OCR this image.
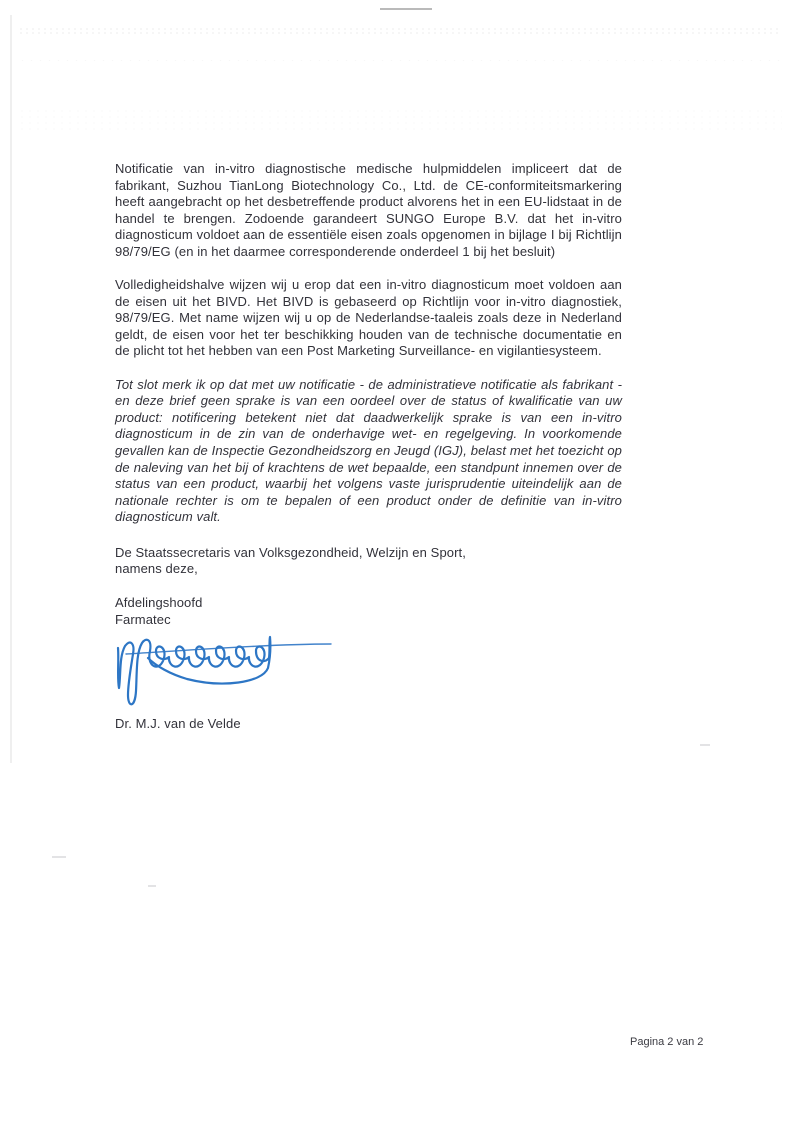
Notificatie van in-vitro diagnostische medische hulpmiddelen impliceert dat de fabrikant, Suzhou TianLong Biotechnology Co., Ltd. de CE-conformiteitsmarkering heeft aangebracht op het desbetreffende product alvorens het in een EU-lidstaat in de handel te brengen. Zodoende garandeert SUNGO Europe B.V. dat het in-vitro diagnosticum voldoet aan de essentiële eisen zoals opgenomen in bijlage I bij Richtlijn 98/79/EG (en in het daarmee corresponderende onderdeel 1 bij het besluit)

Volledigheidshalve wijzen wij u erop dat een in-vitro diagnosticum moet voldoen aan de eisen uit het BIVD. Het BIVD is gebaseerd op Richtlijn voor in-vitro diagnostiek, 98/79/EG. Met name wijzen wij u op de Nederlandse-taaleis zoals deze in Nederland geldt, de eisen voor het ter beschikking houden van de technische documentatie en de plicht tot het hebben van een Post Marketing Surveillance- en vigilantiesysteem.

Tot slot merk ik op dat met uw notificatie - de administratieve notificatie als fabrikant - en deze brief geen sprake is van een oordeel over de status of kwalificatie van uw product: notificering betekent niet dat daadwerkelijk sprake is van een in-vitro diagnosticum in de zin van de onderhavige wet- en regelgeving. In voorkomende gevallen kan de Inspectie Gezondheidszorg en Jeugd (IGJ), belast met het toezicht op de naleving van het bij of krachtens de wet bepaalde, een standpunt innemen over de status van een product, waarbij het volgens vaste jurisprudentie uiteindelijk aan de nationale rechter is om te bepalen of een product onder de definitie van in-vitro diagnosticum valt.

De Staatssecretaris van Volksgezondheid, Welzijn en Sport,
namens deze,
Afdelingshoofd
Farmatec
Dr. M.J. van de Velde
Pagina 2 van 2
